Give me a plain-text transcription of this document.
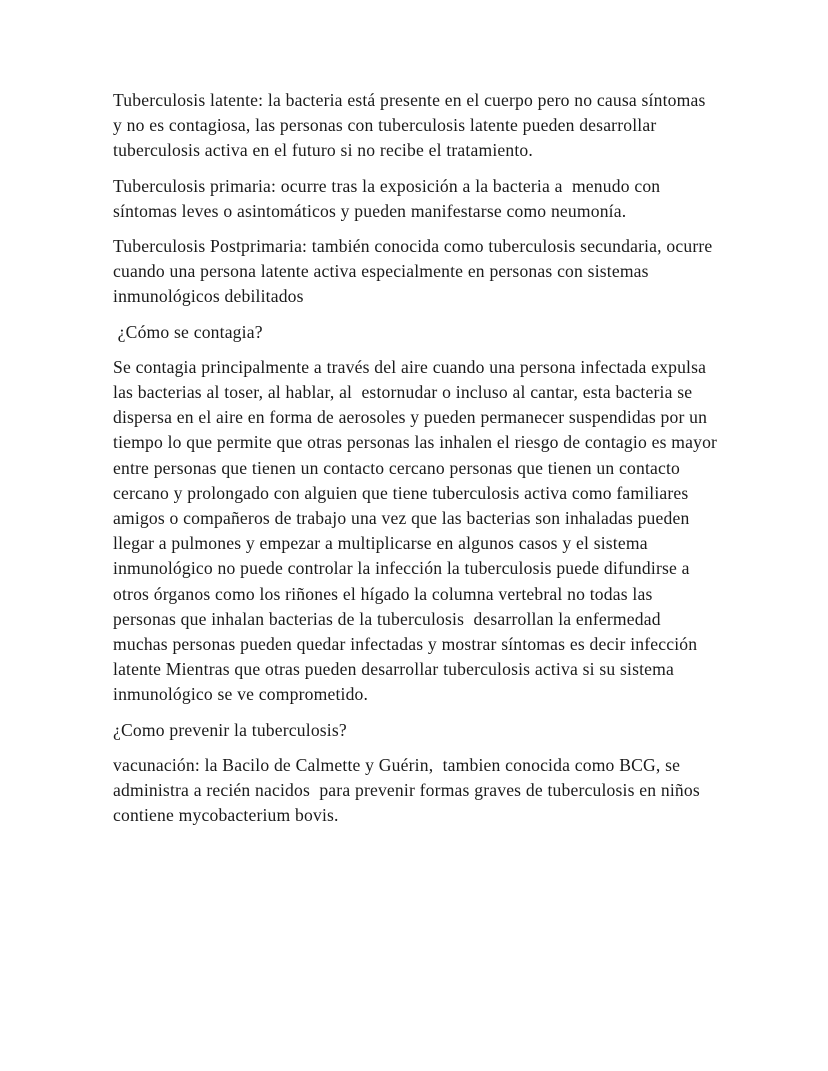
Tuberculosis latente: la bacteria está presente en el cuerpo pero no causa síntomas y no es contagiosa, las personas con tuberculosis latente pueden desarrollar tuberculosis activa en el futuro si no recibe el tratamiento.

Tuberculosis primaria: ocurre tras la exposición a la bacteria a  menudo con síntomas leves o asintomáticos y pueden manifestarse como neumonía.

Tuberculosis Postprimaria: también conocida como tuberculosis secundaria, ocurre cuando una persona latente activa especialmente en personas con sistemas inmunológicos debilitados

¿Cómo se contagia?

Se contagia principalmente a través del aire cuando una persona infectada expulsa las bacterias al toser, al hablar, al  estornudar o incluso al cantar, esta bacteria se dispersa en el aire en forma de aerosoles y pueden permanecer suspendidas por un tiempo lo que permite que otras personas las inhalen el riesgo de contagio es mayor entre personas que tienen un contacto cercano personas que tienen un contacto cercano y prolongado con alguien que tiene tuberculosis activa como familiares amigos o compañeros de trabajo una vez que las bacterias son inhaladas pueden llegar a pulmones y empezar a multiplicarse en algunos casos y el sistema inmunológico no puede controlar la infección la tuberculosis puede difundirse a otros órganos como los riñones el hígado la columna vertebral no todas las personas que inhalan bacterias de la tuberculosis  desarrollan la enfermedad muchas personas pueden quedar infectadas y mostrar síntomas es decir infección latente Mientras que otras pueden desarrollar tuberculosis activa si su sistema inmunológico se ve comprometido.

¿Como prevenir la tuberculosis?

vacunación: la Bacilo de Calmette y Guérin,  tambien conocida como BCG, se administra a recién nacidos  para prevenir formas graves de tuberculosis en niños contiene mycobacterium bovis.
